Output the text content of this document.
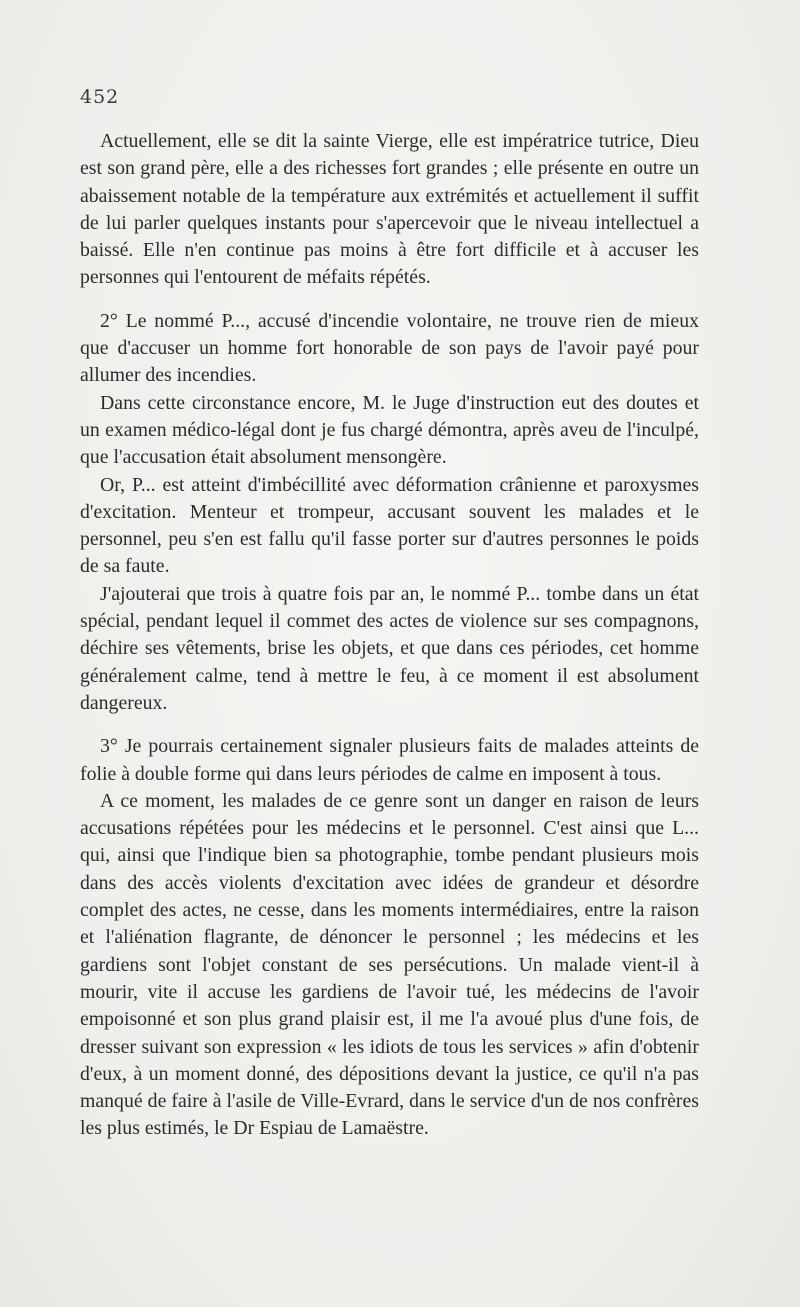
452

Actuellement, elle se dit la sainte Vierge, elle est impératrice tutrice, Dieu est son grand père, elle a des richesses fort grandes ; elle présente en outre un abaissement notable de la température aux extrémités et actuellement il suffit de lui parler quelques instants pour s'apercevoir que le niveau intellectuel a baissé. Elle n'en continue pas moins à être fort difficile et à accuser les personnes qui l'entourent de méfaits répétés.

2° Le nommé P..., accusé d'incendie volontaire, ne trouve rien de mieux que d'accuser un homme fort honorable de son pays de l'avoir payé pour allumer des incendies.

Dans cette circonstance encore, M. le Juge d'instruction eut des doutes et un examen médico-légal dont je fus chargé démontra, après aveu de l'inculpé, que l'accusation était absolument mensongère.

Or, P... est atteint d'imbécillité avec déformation crânienne et paroxysmes d'excitation. Menteur et trompeur, accusant souvent les malades et le personnel, peu s'en est fallu qu'il fasse porter sur d'autres personnes le poids de sa faute.

J'ajouterai que trois à quatre fois par an, le nommé P... tombe dans un état spécial, pendant lequel il commet des actes de violence sur ses compagnons, déchire ses vêtements, brise les objets, et que dans ces périodes, cet homme généralement calme, tend à mettre le feu, à ce moment il est absolument dangereux.

3° Je pourrais certainement signaler plusieurs faits de malades atteints de folie à double forme qui dans leurs périodes de calme en imposent à tous.

A ce moment, les malades de ce genre sont un danger en raison de leurs accusations répétées pour les médecins et le personnel. C'est ainsi que L... qui, ainsi que l'indique bien sa photographie, tombe pendant plusieurs mois dans des accès violents d'excitation avec idées de grandeur et désordre complet des actes, ne cesse, dans les moments intermédiaires, entre la raison et l'aliénation flagrante, de dénoncer le personnel ; les médecins et les gardiens sont l'objet constant de ses persécutions. Un malade vient-il à mourir, vite il accuse les gardiens de l'avoir tué, les médecins de l'avoir empoisonné et son plus grand plaisir est, il me l'a avoué plus d'une fois, de dresser suivant son expression « les idiots de tous les services » afin d'obtenir d'eux, à un moment donné, des dépositions devant la justice, ce qu'il n'a pas manqué de faire à l'asile de Ville-Evrard, dans le service d'un de nos confrères les plus estimés, le Dr Espiau de Lamaëstre.
